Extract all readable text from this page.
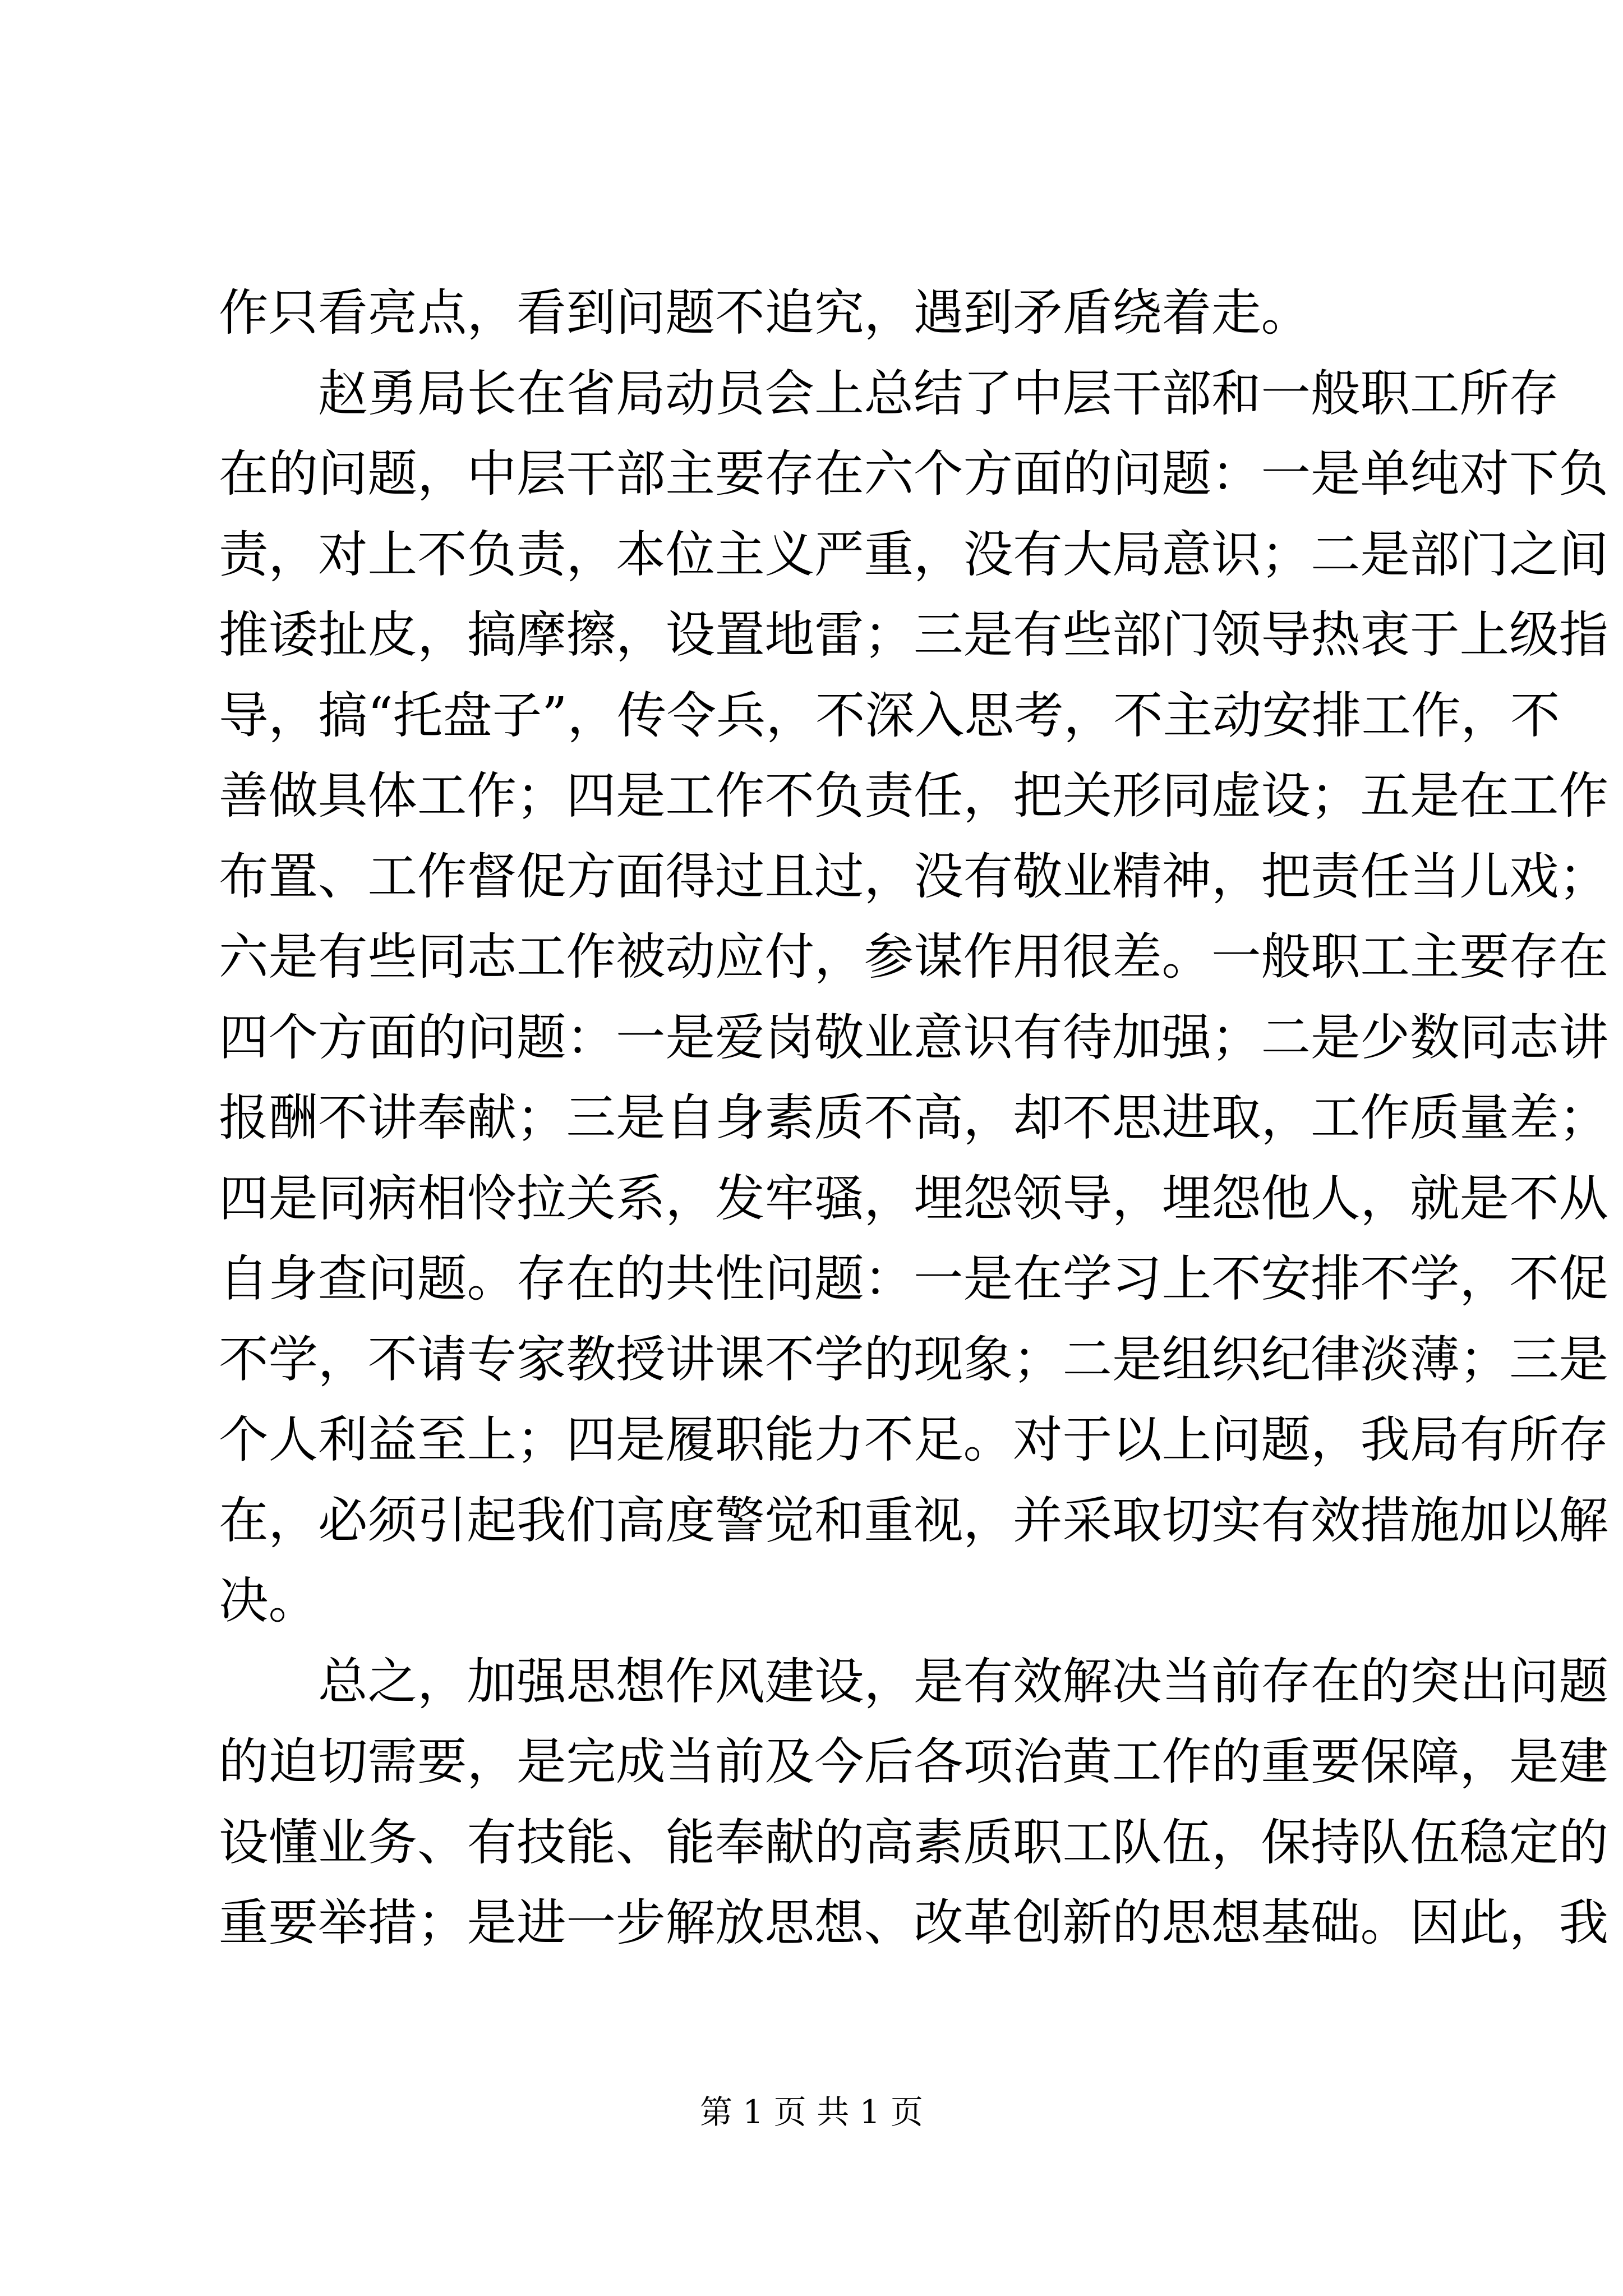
作只看亮点，看到问题不追究，遇到矛盾绕着走。
赵勇局长在省局动员会上总结了中层干部和一般职工所存
在的问题，中层干部主要存在六个方面的问题：一是单纯对下负
责，对上不负责，本位主义严重，没有大局意识；二是部门之间
推诿扯皮，搞摩擦，设置地雷；三是有些部门领导热衷于上级指
导，搞“托盘子”，传令兵，不深入思考，不主动安排工作，不
善做具体工作；四是工作不负责任，把关形同虚设；五是在工作
布置、工作督促方面得过且过，没有敬业精神，把责任当儿戏；
六是有些同志工作被动应付，参谋作用很差。一般职工主要存在
四个方面的问题：一是爱岗敬业意识有待加强；二是少数同志讲
报酬不讲奉献；三是自身素质不高，却不思进取，工作质量差；
四是同病相怜拉关系，发牢骚，埋怨领导，埋怨他人，就是不从
自身查问题。存在的共性问题：一是在学习上不安排不学，不促
不学，不请专家教授讲课不学的现象；二是组织纪律淡薄；三是
个人利益至上；四是履职能力不足。对于以上问题，我局有所存
在，必须引起我们高度警觉和重视，并采取切实有效措施加以解
决。
总之，加强思想作风建设，是有效解决当前存在的突出问题
的迫切需要，是完成当前及今后各项治黄工作的重要保障，是建
设懂业务、有技能、能奉献的高素质职工队伍，保持队伍稳定的
重要举措；是进一步解放思想、改革创新的思想基础。因此，我
第 1 页 共 1 页
